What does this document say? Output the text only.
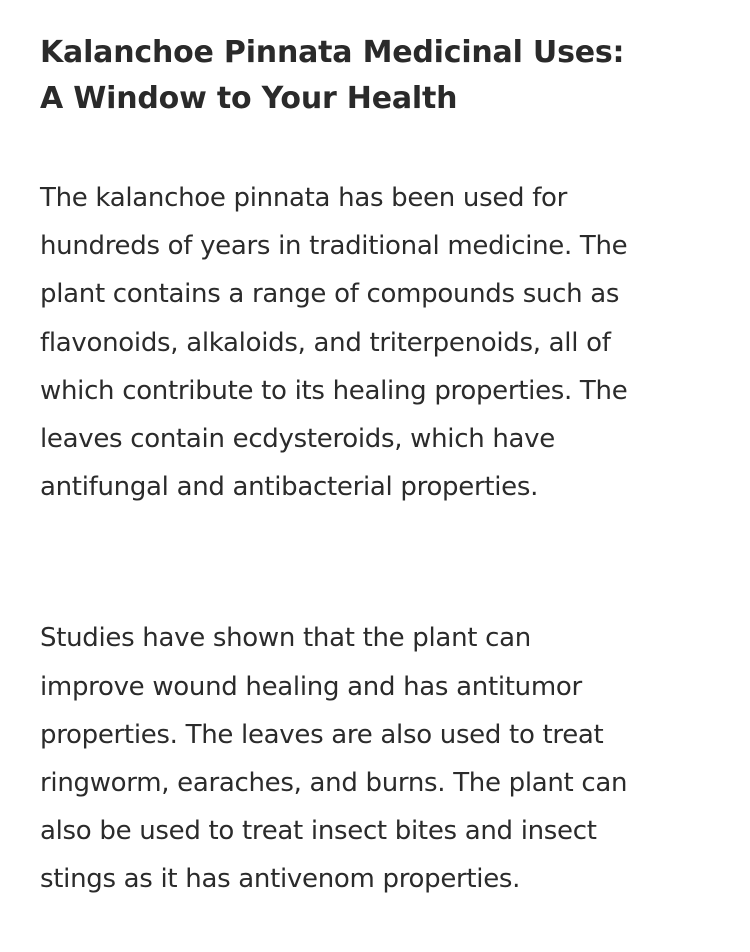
Kalanchoe Pinnata Medicinal Uses:
A Window to Your Health

The kalanchoe pinnata has been used for
hundreds of years in traditional medicine. The
plant contains a range of compounds such as
flavonoids, alkaloids, and triterpenoids, all of
which contribute to its healing properties. The
leaves contain ecdysteroids, which have
antifungal and antibacterial properties.

Studies have shown that the plant can
improve wound healing and has antitumor
properties. The leaves are also used to treat
ringworm, earaches, and burns. The plant can
also be used to treat insect bites and insect
stings as it has antivenom properties.
